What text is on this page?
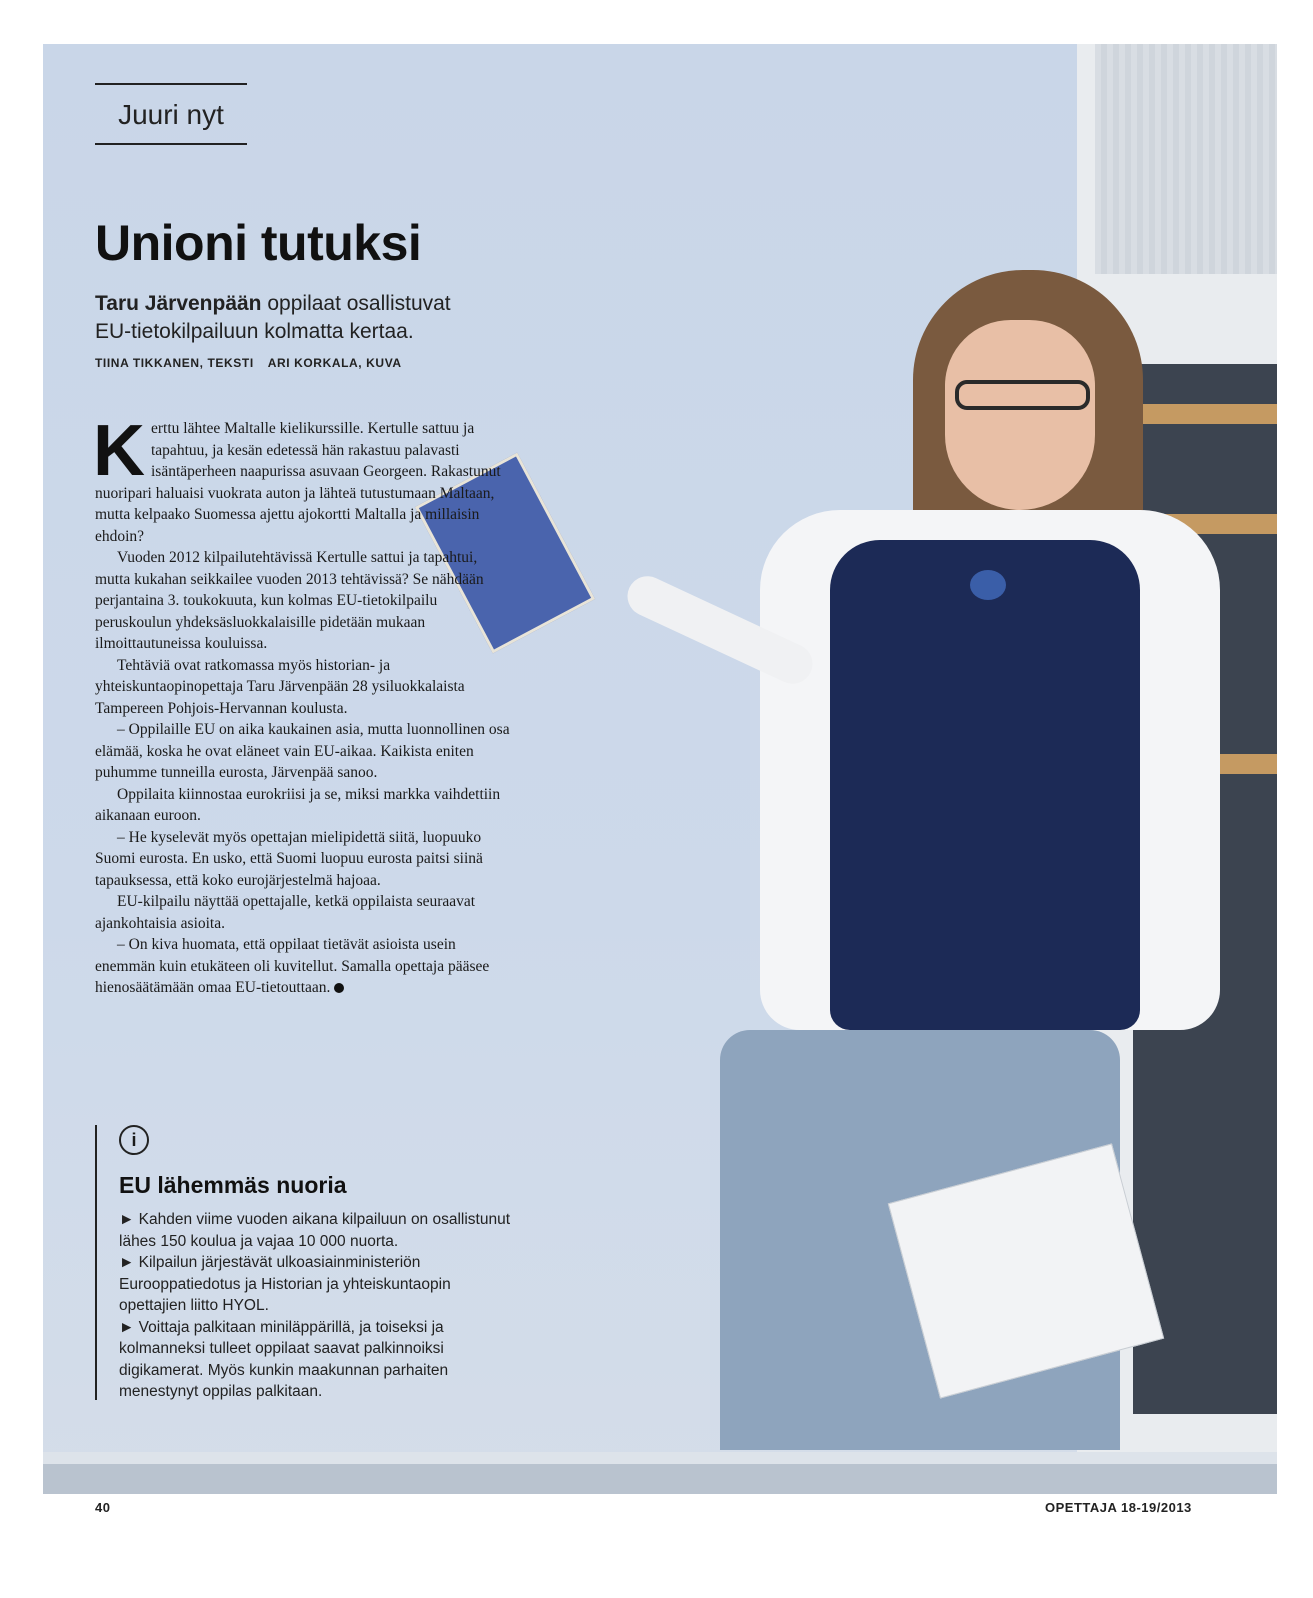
Juuri nyt
Unioni tutuksi

Taru Järvenpään oppilaat osallistuvat
EU-tietokilpailuun kolmatta kertaa.

TIINA TIKKANEN, TEKSTI ARI KORKALA, KUVA

Kerttu lähtee Maltalle kielikurssille. Kertulle sattuu ja tapahtuu, ja kesän edetessä hän rakastuu palavasti isäntäperheen naapurissa asuvaan Georgeen. Rakastunut nuoripari haluaisi vuokrata auton ja lähteä tutustumaan Maltaan, mutta kelpaako Suomessa ajettu ajokortti Maltalla ja millaisin ehdoin?

Vuoden 2012 kilpailutehtävissä Kertulle sattui ja tapahtui, mutta kukahan seikkailee vuoden 2013 tehtävissä? Se nähdään perjantaina 3. toukokuuta, kun kolmas EU-tietokilpailu peruskoulun yhdeksäsluokkalaisille pidetään mukaan ilmoittautuneissa kouluissa.

Tehtäviä ovat ratkomassa myös historian- ja yhteiskuntaopinopettaja Taru Järvenpään 28 ysiluokkalaista Tampereen Pohjois-Hervannan koulusta.

– Oppilaille EU on aika kaukainen asia, mutta luonnollinen osa elämää, koska he ovat eläneet vain EU-aikaa. Kaikista eniten puhumme tunneilla eurosta, Järvenpää sanoo.

Oppilaita kiinnostaa eurokriisi ja se, miksi markka vaihdettiin aikanaan euroon.

– He kyselevät myös opettajan mielipidettä siitä, luopuuko Suomi eurosta. En usko, että Suomi luopuu eurosta paitsi siinä tapauksessa, että koko eurojärjestelmä hajoaa.

EU-kilpailu näyttää opettajalle, ketkä oppilaista seuraavat ajankohtaisia asioita.

– On kiva huomata, että oppilaat tietävät asioista usein enemmän kuin etukäteen oli kuvitellut. Samalla opettaja pääsee hienosäätämään omaa EU-tietouttaan.

i
EU lähemmäs nuoria
► Kahden viime vuoden aikana kilpailuun on osallistunut lähes 150 koulua ja vajaa 10 000 nuorta.
► Kilpailun järjestävät ulkoasiainministeriön Eurooppatiedotus ja Historian ja yhteiskuntaopin opettajien liitto HYOL.
► Voittaja palkitaan miniläppärillä, ja toiseksi ja kolmanneksi tulleet oppilaat saavat palkinnoiksi digikamerat. Myös kunkin maakunnan parhaiten menestynyt oppilas palkitaan.
40	OPETTAJA 18-19/2013
